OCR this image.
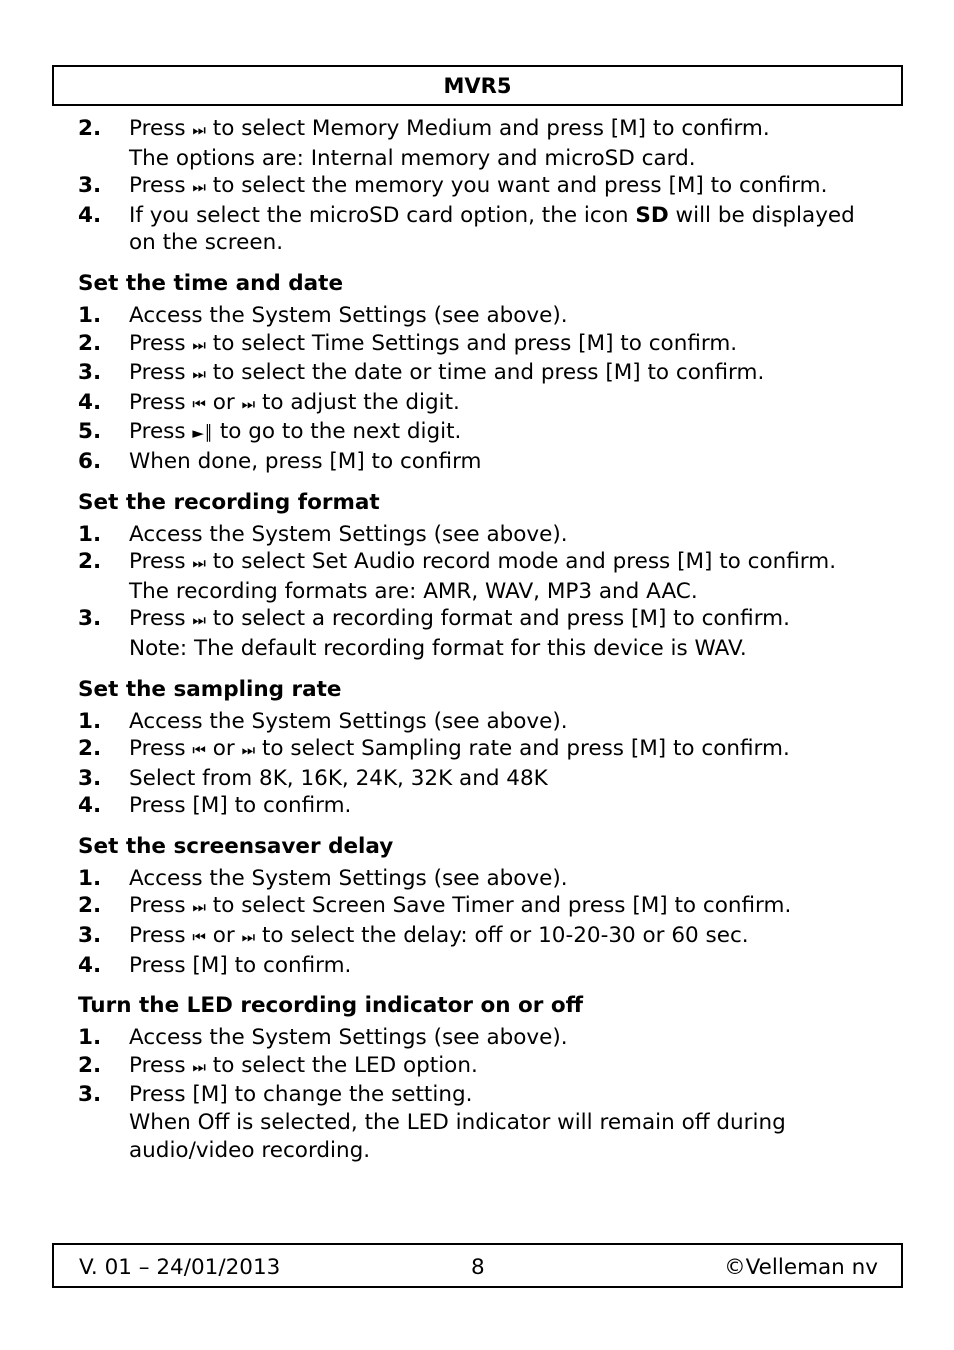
MVR5
2. Press ⏭ to select Memory Medium and press [M] to confirm.
The options are: Internal memory and microSD card.
3. Press ⏭ to select the memory you want and press [M] to confirm.
4. If you select the microSD card option, the icon SD will be displayed on the screen.
Set the time and date
1. Access the System Settings (see above).
2. Press ⏭ to select Time Settings and press [M] to confirm.
3. Press ⏭ to select the date or time and press [M] to confirm.
4. Press ⏮ or ⏭ to adjust the digit.
5. Press ►║ to go to the next digit.
6. When done, press [M] to confirm
Set the recording format
1. Access the System Settings (see above).
2. Press ⏭ to select Set Audio record mode and press [M] to confirm.
The recording formats are: AMR, WAV, MP3 and AAC.
3. Press ⏭ to select a recording format and press [M] to confirm.
Note: The default recording format for this device is WAV.
Set the sampling rate
1. Access the System Settings (see above).
2. Press ⏮ or ⏭ to select Sampling rate and press [M] to confirm.
3. Select from 8K, 16K, 24K, 32K and 48K
4. Press [M] to confirm.
Set the screensaver delay
1. Access the System Settings (see above).
2. Press ⏭ to select Screen Save Timer and press [M] to confirm.
3. Press ⏮ or ⏭ to select the delay: off or 10-20-30 or 60 sec.
4. Press [M] to confirm.
Turn the LED recording indicator on or off
1. Access the System Settings (see above).
2. Press ⏭ to select the LED option.
3. Press [M] to change the setting.
When Off is selected, the LED indicator will remain off during audio/video recording.
V. 01 – 24/01/2013	8	©Velleman nv
